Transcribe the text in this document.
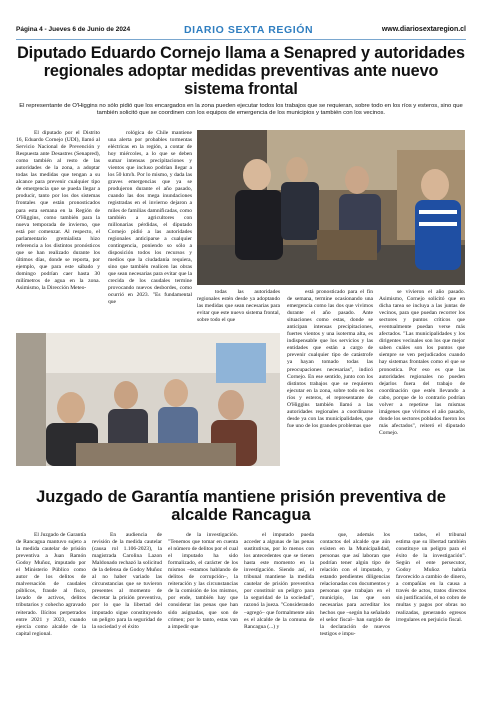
Página 4 - Jueves 6 de Junio de 2024	DIARIO SEXTA REGIÓN	www.diariosextaregion.cl
Diputado Eduardo Cornejo llama a Senapred y autoridades regionales adoptar medidas preventivas ante nuevo sistema frontal
El representante de O'Higgins no sólo pidió que los encargados en la zona pueden ejecutar todos los trabajos que se requieran, sobre todo en los ríos y esteros, sino que también solicitó que se coordinen con los equipos de emergencia de los municipios y también con los vecinos.

El diputado por el Distrito 16, Eduardo Cornejo (UDI), llamó al Servicio Nacional de Prevención y Respuesta ante Desastres (Senapred), como también al resto de las autoridades de la zona, a adoptar todas las medidas que tengan a su alcance para prevenir cualquier tipo de emergencia que se pueda llegar a producir, tanto por los dos sistemas frontales que están pronosticados para esta semana en la Región de O'Higgins, como también para la nueva temporada de invierno, que está por comenzar. Al respecto, el parlamentario gremialista hizo referencia a los distintos pronósticos que se han realizado durante los últimos días, donde se reporta, por ejemplo, que para este sábado y domingo podrían caer hasta 30 milímetros de agua en la zona. Asimismo, la Dirección Meteo-

rológica de Chile mantiene una alerta por probables tormentas eléctricas en la región, a contar de hoy miércoles, a lo que se deben sumar intensas precipitaciones y vientos que incluso podrían llegar a los 50 km/h. Por lo mismo, y dada las graves emergencias que ya se produjeron durante el año pasado, cuando las dos mega inundaciones registradas en el invierno dejaron a miles de familias damnificadas, como también a agricultores con millonarias pérdidas, el diputado Cornejo pidió a las autoridades regionales anticiparse a cualquier contingencia, poniendo so sólo a disposición todos los recursos y medios que la ciudadanía requiera, sino que también realicen las obras que sean necesarias para evitar que la crecida de los caudales termine provocando nuevos desbordes, como ocurrió en 2023. "Es fundamental que

todas las autoridades regionales estén desde ya adoptando las medidas que sean necesarias para evitar que este nuevo sistema frontal, sobre todo el que

está pronosticado para el fin de semana, termine ocasionando una emergencia como las dos que vivimos durante el año pasado. Ante situaciones como estas, donde se anticipan intensas precipitaciones, fuertes vientos y una isoterma alta, es indispensable que los servicios y las entidades que están a cargo de prevenir cualquier tipo de catástrofe ya hayan tomado todas las preocupaciones necesarias", indicó Cornejo. En ese sentido, junto con los distintos trabajos que se requieren ejecutar en la zona, sobre todo en los ríos y esteros, el representante de O'Higgins también llamó a las autoridades regionales a coordinarse desde ya con las municipalidades, que fue uno de los grandes problemas que

se vivieron el año pasado. Asimismo, Cornejo solicitó que en dicha tarea se incluya a las juntas de vecinos, para que puedan recorrer los sectores y puntos críticos que eventualmente puedan verse más afectados. "Las municipalidades y los dirigentes vecinales son los que mejor saben cuáles son los puntos que siempre se ven perjudicados cuando hay sistemas frontales como el que se pronostica. Por eso es que las autoridades regionales no pueden dejarlos fuera del trabajo de coordinación que estén llevando a cabo, porque de lo contrario podrían volver a repetirse las mismas imágenes que vivimos el año pasado, donde los sectores poblados fueron los más afectados", reiteró el diputado Cornejo.

Juzgado de Garantía mantiene prisión preventiva de alcalde Rancagua

El Juzgado de Garantía de Rancagua mantuvo sujeto a la medida cautelar de prisión preventiva a Juan Ramón Godoy Muñoz, imputado por el Ministerio Público como autor de los delitos de malversación de caudales públicos, fraude al fisco, lavado de activos, delitos tributarios y cohecho agravado reiterado. Ilícitos perpetrados entre 2021 y 2023, cuando ejercía como alcalde de la capital regional.

En audiencia de revisión de la medida cautelar (causa rol 1.106-2023), la magistrada Carolina Lazon Maldonado rechazó la solicitud de la defensa de Godoy Muñoz al no haber variado las circunstancias que se tuvieron presentes al momento de decretar la prisión preventiva, por lo que la libertad del imputado sigue constituyendo un peligro para la seguridad de la sociedad y el éxito

de la investigación. "Tenemos que tomar en cuenta el número de delitos por el cual el imputado ha sido formalizado, el carácter de los mismos –estamos hablando de delitos de corrupción–, la reiteración y las circunstancias de la comisión de los mismos, por ende, también hay que considerar las penas que han sido asignadas, que son de crimen; por lo tanto, estas van a impedir que

el imputado pueda acceder a algunas de las penas sustitutivas, por lo menos con los antecedentes que se tienen hasta este momento en la investigación. Siendo así, el tribunal mantiene la medida cautelar de prisión preventiva por constituir un peligro para la seguridad de la sociedad", razonó la jueza. "Considerando –agregó– que formalmente aún es el alcalde de la comuna de Rancagua (...) y

que, además los contactos del alcalde que aún existen en la Municipalidad, personas que así laboran que podrían tener algún tipo de relación con el imputado, y estando pendientes diligencias relacionadas con documentos y personas que trabajan en el municipio, las que son necesarias para acreditar los hechos que –según ha señalado el señor fiscal– han surgido de la declaración de nuevos testigos e impu-

tados, el tribunal estima que su libertad también constituye un peligro para el éxito de la investigación". Según el ente persecutor, Godoy Muñoz habría favorecido a cambio de dinero, a compañías en la causa a través de actos, tratos directos sin justificación, el no cobro de multas y pagos por obras no realizadas, generando egresos irregulares en perjuicio fiscal.
